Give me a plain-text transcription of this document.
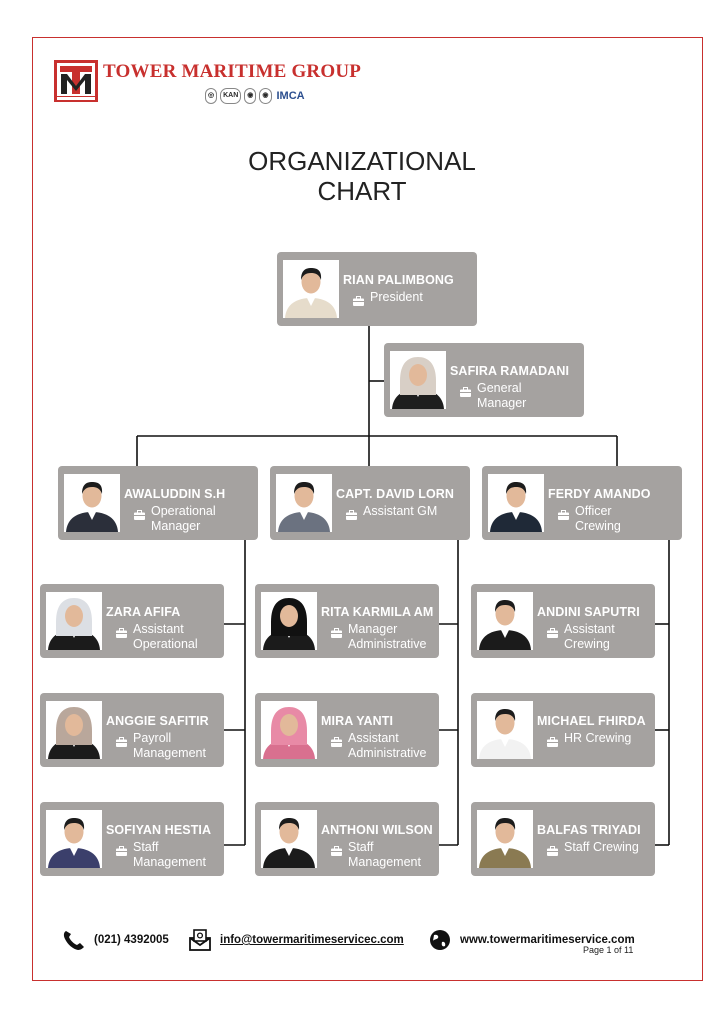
TOWER MARITIME GROUP
◎	KAN	◉	◉ IMCA
ORGANIZATIONAL
CHART
RIAN PALIMBONG
President
SAFIRA RAMADANI
General
Manager
AWALUDDIN S.H
Operational
Manager
CAPT. DAVID LORN
Assistant GM
FERDY AMANDO
Officer
Crewing
ZARA AFIFA
Assistant
Operational
RITA KARMILA AM
Manager
Administrative
ANDINI SAPUTRI
Assistant
Crewing
ANGGIE SAFITIR
Payroll
Management
MIRA YANTI
Assistant
Administrative
MICHAEL FHIRDA
HR Crewing
SOFIYAN HESTIA
Staff
Management
ANTHONI WILSON
Staff
Management
BALFAS TRIYADI
Staff Crewing
(021) 4392005	info@towermaritimeservicec.com	www.towermaritimeservice.com
Page 1 of 11
